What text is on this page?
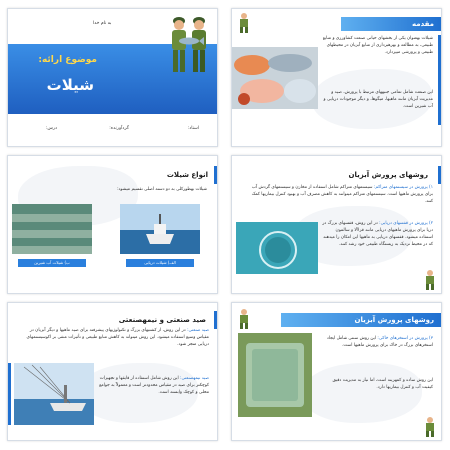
به نام خدا
موضوع ارائه:
شیلات
استاد:
گردآورنده:
درس:
مقدمه
شیلات بهعنوان یکی از بخشهای حیاتی صنعت کشاورزی و منابع طبیعی، به مطالعه و بهرهبرداری از منابع آبزیان در محیطهای طبیعی و پرورشی میپردازد.
این صنعت شامل تمامی جنبههای مرتبط با پرورش، صید و مدیریت آبزیان مانند ماهیها، میگوها، و دیگر موجودات دریایی و آب شیرین است.
انواع شیلات
شیلات بهطورکلی به دو دسته اصلی تقسیم میشود:
الف) شیلات دریایی
ب) شیلات آب شیرین
روشهای پرورش آبزیان
۱) پرورش در سیستمهای متراکم: سیستمهای متراکم شامل استفاده از مخازن و سیستمهای گردش آب برای پرورش ماهیها است. سیستمهای متراکم میتوانند به کاهش مصرف آب و بهبود کنترل بیماریها کمک کنند.
۲) پرورش در قفسهای دریایی: در این روش، قفسهای بزرگ در دریا برای پرورش ماهیهای دریایی مانند قزلآلا و سالمون استفاده میشود. قفسهای دریایی به ماهیها این امکان را میدهند که در محیط نزدیک به زیستگاه طبیعی خود رشد کنند.
صید صنعتی و نیمهصنعتی
صید صنعتی: در این روش، از کشتیهای بزرگ و تکنولوژیهای پیشرفته برای صید ماهیها و دیگر آبزیان در مقیاس وسیع استفاده میشود. این روش میتواند به کاهش منابع طبیعی و تأثیرات منفی بر اکوسیستمهای دریایی منجر شود.
صید نیمهصنعتی: این روش شامل استفاده از قایقها و تجهیزات کوچکتر برای صید در مقیاس محدودتر است و معمولاً به جوامع محلی و کوچک وابسته است.
روشهای پرورش آبزیان
۳) پرورش در استخرهای خاکی: این روش سنتی شامل ایجاد استخرهای بزرگ در خاک برای پرورش ماهیها است.
این روش ساده و کمهزینه است، اما نیاز به مدیریت دقیق کیفیت آب و کنترل بیماریها دارد.
